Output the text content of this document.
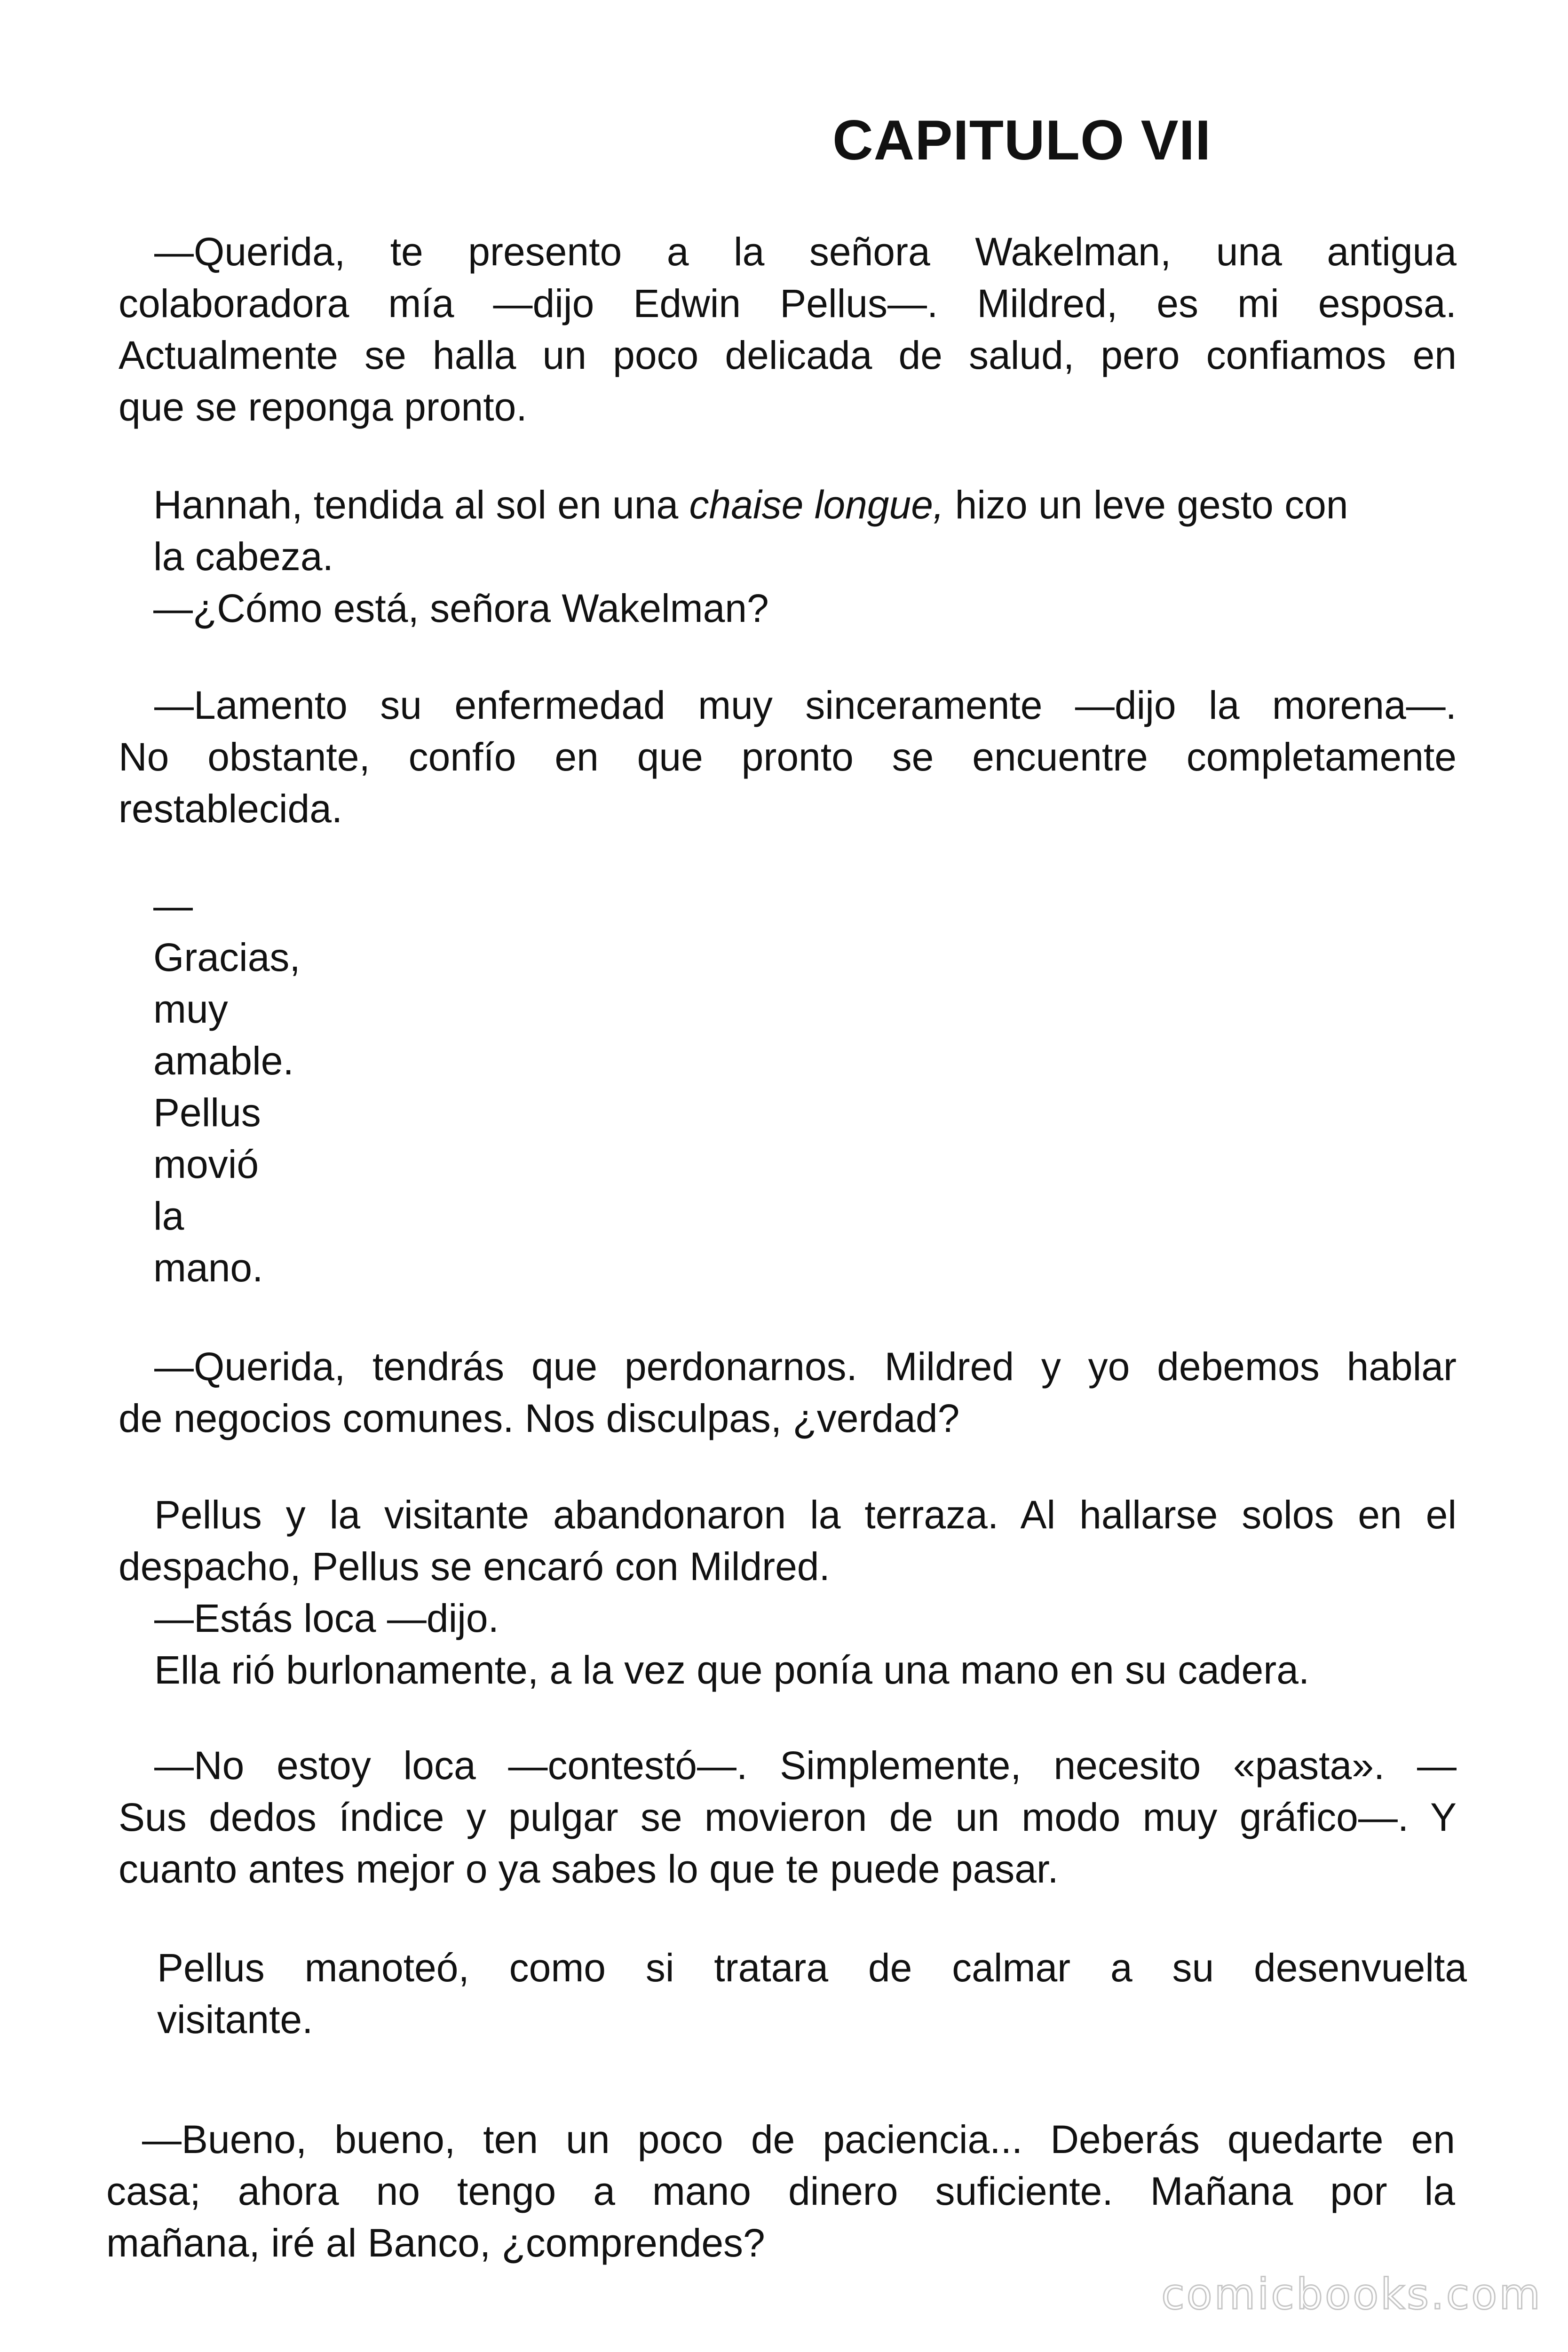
CAPITULO VII
—Querida, te presento a la señora Wakelman, una antigua
colaboradora mía —dijo Edwin Pellus—. Mildred, es mi esposa.
Actualmente se halla un poco delicada de salud, pero confiamos en
que se reponga pronto.
Hannah, tendida al sol en una chaise longue, hizo un leve gesto con
la cabeza.
—¿Cómo está, señora Wakelman?
—Lamento su enfermedad muy sinceramente —dijo la morena—.
No obstante, confío en que pronto se encuentre completamente
restablecida.
—
Gracias,
muy
amable.
Pellus
movió
la
mano.
—Querida, tendrás que perdonarnos. Mildred y yo debemos hablar
de negocios comunes. Nos disculpas, ¿verdad?
Pellus y la visitante abandonaron la terraza. Al hallarse solos en el
despacho, Pellus se encaró con Mildred.
—Estás loca —dijo.
Ella rió burlonamente, a la vez que ponía una mano en su cadera.
—No estoy loca —contestó—. Simplemente, necesito «pasta». —
Sus dedos índice y pulgar se movieron de un modo muy gráfico—. Y
cuanto antes mejor o ya sabes lo que te puede pasar.
Pellus manoteó, como si tratara de calmar a su desenvuelta
visitante.
—Bueno, bueno, ten un poco de paciencia... Deberás quedarte en
casa; ahora no tengo a mano dinero suficiente. Mañana por la
mañana, iré al Banco, ¿comprendes?
comicbooks.com
